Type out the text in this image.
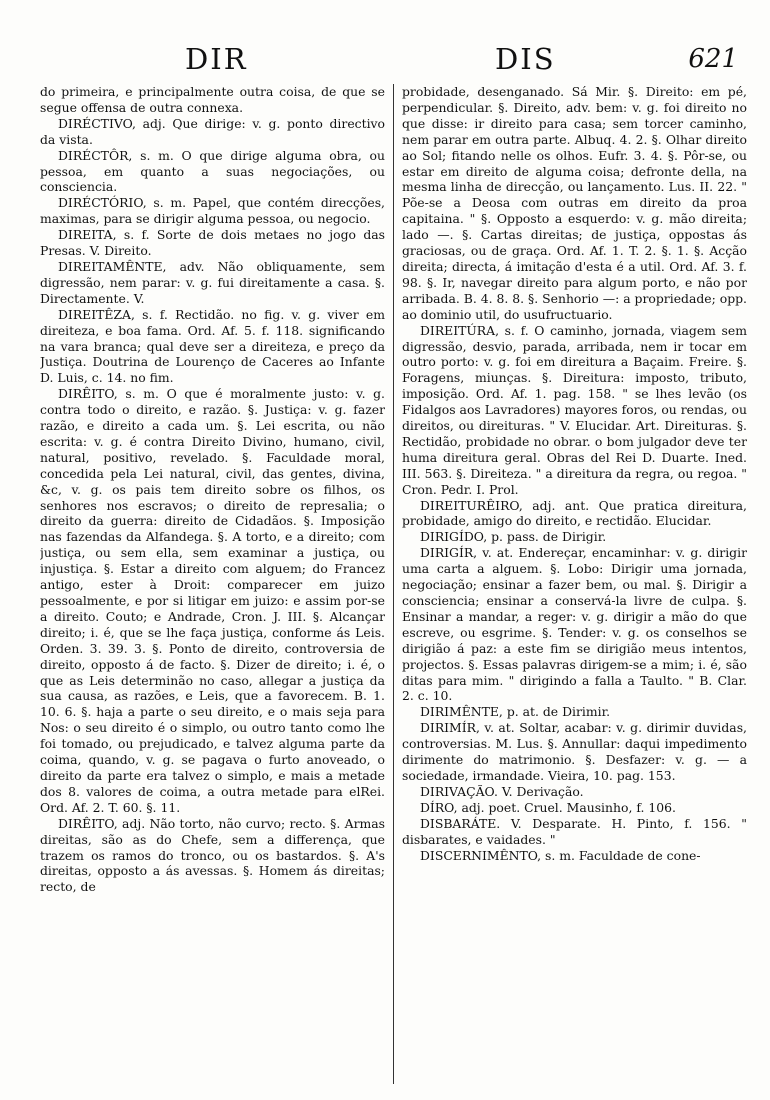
DIR	DIS	621

do primeira, e principalmente outra coisa, de que se segue offensa de outra connexa.

DIRÉCTIVO, adj. Que dirige: v. g. ponto directivo da vista.

DIRÉCTÔR, s. m. O que dirige alguma obra, ou pessoa, em quanto a suas negociações, ou consciencia.

DIRÉCTÓRIO, s. m. Papel, que contém direcções, maximas, para se dirigir alguma pessoa, ou negocio.

DIREITA, s. f. Sorte de dois metaes no jogo das Presas. V. Direito.

DIREITAMÊNTE, adv. Não obliquamente, sem digressão, nem parar: v. g. fui direitamente a casa. §. Directamente. V.

DIREITÊZA, s. f. Rectidão. no fig. v. g. viver em direiteza, e boa fama. Ord. Af. 5. f. 118. significando na vara branca; qual deve ser a direiteza, e preço da Justiça. Doutrina de Lourenço de Caceres ao Infante D. Luis, c. 14. no fim.

DIRÊITO, s. m. O que é moralmente justo: v. g. contra todo o direito, e razão. §. Justiça: v. g. fazer razão, e direito a cada um. §. Lei escrita, ou não escrita: v. g. é contra Direito Divino, humano, civil, natural, positivo, revelado. §. Faculdade moral, concedida pela Lei natural, civil, das gentes, divina, &c, v. g. os pais tem direito sobre os filhos, os senhores nos escravos; o direito de represalia; o direito da guerra: direito de Cidadãos. §. Imposição nas fazendas da Alfandega. §. A torto, e a direito; com justiça, ou sem ella, sem examinar a justiça, ou injustiça. §. Estar a direito com alguem; do Francez antigo, ester à Droit: comparecer em juizo pessoalmente, e por si litigar em juizo: e assim por-se a direito. Couto; e Andrade, Cron. J. III. §. Alcançar direito; i. é, que se lhe faça justiça, conforme ás Leis. Orden. 3. 39. 3. §. Ponto de direito, controversia de direito, opposto á de facto. §. Dizer de direito; i. é, o que as Leis determinão no caso, allegar a justiça da sua causa, as razões, e Leis, que a favorecem. B. 1. 10. 6. §. haja a parte o seu direito, e o mais seja para Nos: o seu direito é o simplo, ou outro tanto como lhe foi tomado, ou prejudicado, e talvez alguma parte da coima, quando, v. g. se pagava o furto anoveado, o direito da parte era talvez o simplo, e mais a metade dos 8. valores de coima, a outra metade para elRei. Ord. Af. 2. T. 60. §. 11.

DIRÊITO, adj. Não torto, não curvo; recto. §. Armas direitas, são as do Chefe, sem a differença, que trazem os ramos do tronco, ou os bastardos. §. A's direitas, opposto a ás avessas. §. Homem ás direitas; recto, de

probidade, desenganado. Sá Mir. §. Direito: em pé, perpendicular. §. Direito, adv. bem: v. g. foi direito no que disse: ir direito para casa; sem torcer caminho, nem parar em outra parte. Albuq. 4. 2. §. Olhar direito ao Sol; fitando nelle os olhos. Eufr. 3. 4. §. Pôr-se, ou estar em direito de alguma coisa; defronte della, na mesma linha de direcção, ou lançamento. Lus. II. 22. " Põe-se a Deosa com outras em direito da proa capitaina. " §. Opposto a esquerdo: v. g. mão direita; lado —. §. Cartas direitas; de justiça, oppostas ás graciosas, ou de graça. Ord. Af. 1. T. 2. §. 1. §. Acção direita; directa, á imitação d'esta é a util. Ord. Af. 3. f. 98. §. Ir, navegar direito para algum porto, e não por arribada. B. 4. 8. 8. §. Senhorio —: a propriedade; opp. ao dominio util, do usufructuario.

DIREITÚRA, s. f. O caminho, jornada, viagem sem digressão, desvio, parada, arribada, nem ir tocar em outro porto: v. g. foi em direitura a Baçaim. Freire. §. Foragens, miunças. §. Direitura: imposto, tributo, imposição. Ord. Af. 1. pag. 158. " se lhes levão (os Fidalgos aos Lavradores) mayores foros, ou rendas, ou direitos, ou direituras. " V. Elucidar. Art. Direituras. §. Rectidão, probidade no obrar. o bom julgador deve ter huma direitura geral. Obras del Rei D. Duarte. Ined. III. 563. §. Direiteza. " a direitura da regra, ou regoa. " Cron. Pedr. I. Prol.

DIREITURÊIRO, adj. ant. Que pratica direitura, probidade, amigo do direito, e rectidão. Elucidar.

DIRIGÍDO, p. pass. de Dirigir.

DIRIGÍR, v. at. Endereçar, encaminhar: v. g. dirigir uma carta a alguem. §. Lobo: Dirigir uma jornada, negociação; ensinar a fazer bem, ou mal. §. Dirigir a consciencia; ensinar a conservá-la livre de culpa. §. Ensinar a mandar, a reger: v. g. dirigir a mão do que escreve, ou esgrime. §. Tender: v. g. os conselhos se dirigião á paz: a este fim se dirigião meus intentos, projectos. §. Essas palavras dirigem-se a mim; i. é, são ditas para mim. " dirigindo a falla a Taulto. " B. Clar. 2. c. 10.

DIRIMÊNTE, p. at. de Dirimir.

DIRIMÍR, v. at. Soltar, acabar: v. g. dirimir duvidas, controversias. M. Lus. §. Annullar: daqui impedimento dirimente do matrimonio. §. Desfazer: v. g. — a sociedade, irmandade. Vieira, 10. pag. 153.

DIRIVAÇÃO. V. Derivação.

DÍRO, adj. poet. Cruel. Mausinho, f. 106.

DISBARÁTE. V. Desparate. H. Pinto, f. 156. " disbarates, e vaidades. "

DISCERNIMÊNTO, s. m. Faculdade de cone-
